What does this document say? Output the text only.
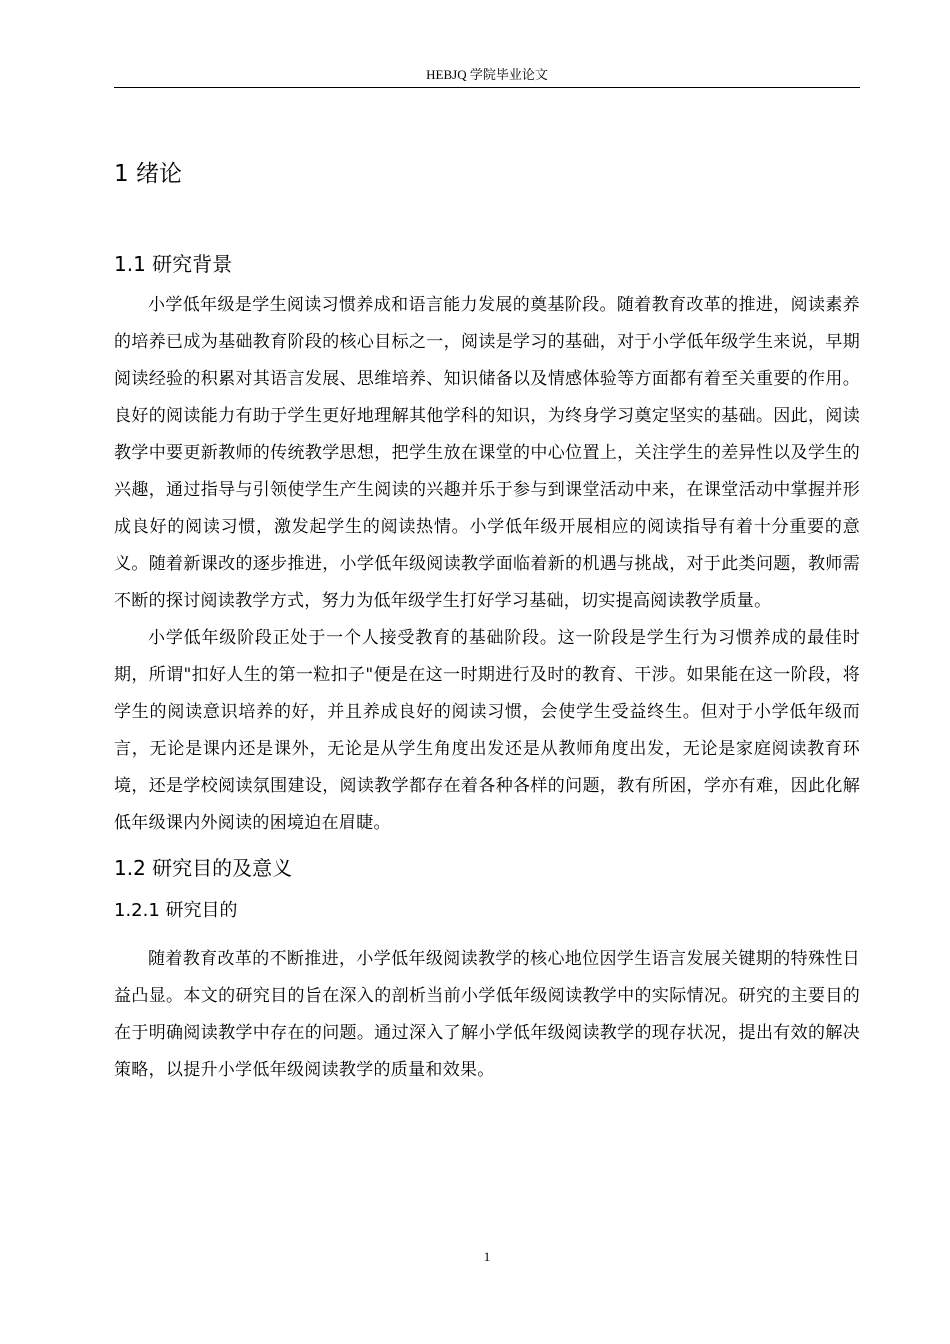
HEBJQ 学院毕业论文
1 绪论
1.1 研究背景

小学低年级是学生阅读习惯养成和语言能力发展的奠基阶段。随着教育改革的推进，阅读素养的培养已成为基础教育阶段的核心目标之一，阅读是学习的基础，对于小学低年级学生来说，早期阅读经验的积累对其语言发展、思维培养、知识储备以及情感体验等方面都有着至关重要的作用。良好的阅读能力有助于学生更好地理解其他学科的知识，为终身学习奠定坚实的基础。因此，阅读教学中要更新教师的传统教学思想，把学生放在课堂的中心位置上，关注学生的差异性以及学生的兴趣，通过指导与引领使学生产生阅读的兴趣并乐于参与到课堂活动中来，在课堂活动中掌握并形成良好的阅读习惯，激发起学生的阅读热情。小学低年级开展相应的阅读指导有着十分重要的意义。随着新课改的逐步推进，小学低年级阅读教学面临着新的机遇与挑战，对于此类问题，教师需不断的探讨阅读教学方式，努力为低年级学生打好学习基础，切实提高阅读教学质量。

小学低年级阶段正处于一个人接受教育的基础阶段。这一阶段是学生行为习惯养成的最佳时期，所谓"扣好人生的第一粒扣子"便是在这一时期进行及时的教育、干涉。如果能在这一阶段，将学生的阅读意识培养的好，并且养成良好的阅读习惯，会使学生受益终生。但对于小学低年级而言，无论是课内还是课外，无论是从学生角度出发还是从教师角度出发，无论是家庭阅读教育环境，还是学校阅读氛围建设，阅读教学都存在着各种各样的问题，教有所困，学亦有难，因此化解低年级课内外阅读的困境迫在眉睫。

1.2 研究目的及意义
1.2.1 研究目的

随着教育改革的不断推进，小学低年级阅读教学的核心地位因学生语言发展关键期的特殊性日益凸显。本文的研究目的旨在深入的剖析当前小学低年级阅读教学中的实际情况。研究的主要目的在于明确阅读教学中存在的问题。通过深入了解小学低年级阅读教学的现存状况，提出有效的解决策略，以提升小学低年级阅读教学的质量和效果。

1
